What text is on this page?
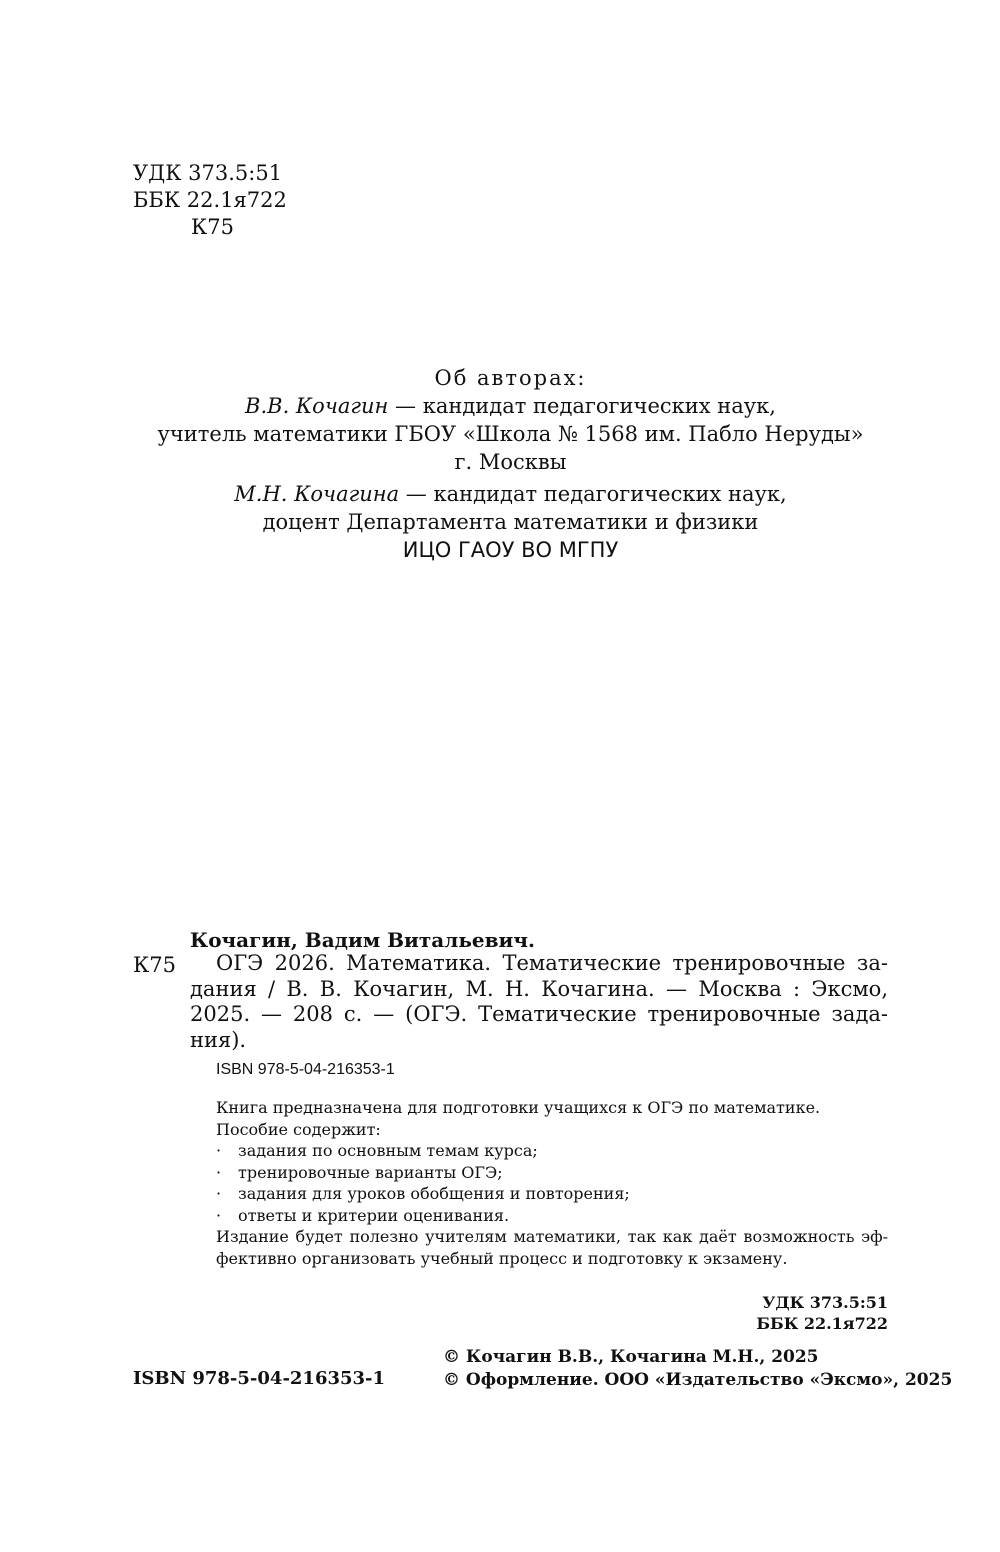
УДК 373.5:51
ББК 22.1я722
К75
Об авторах:
В.В. Кочагин — кандидат педагогических наук,
учитель математики ГБОУ «Школа № 1568 им. Пабло Неруды»
г. Москвы
М.Н. Кочагина — кандидат педагогических наук,
доцент Департамента математики и физики
ИЦО ГАОУ ВО МГПУ
Кочагин, Вадим Витальевич.
К75	ОГЭ 2026. Математика. Тематические тренировочные за-
дания / В. В. Кочагин, М. Н. Кочагина. — Москва : Эксмо,
2025. — 208 с. — (ОГЭ. Тематические тренировочные зада-
ния).
ISBN 978-5-04-216353-1
Книга предназначена для подготовки учащихся к ОГЭ по математике.
Пособие содержит:
· задания по основным темам курса;
· тренировочные варианты ОГЭ;
· задания для уроков обобщения и повторения;
· ответы и критерии оценивания.
Издание будет полезно учителям математики, так как даёт возможность эф-
фективно организовать учебный процесс и подготовку к экзамену.
УДК 373.5:51
ББК 22.1я722
ISBN 978-5-04-216353-1
© Кочагин В.В., Кочагина М.Н., 2025
© Оформление. ООО «Издательство «Эксмо», 2025
